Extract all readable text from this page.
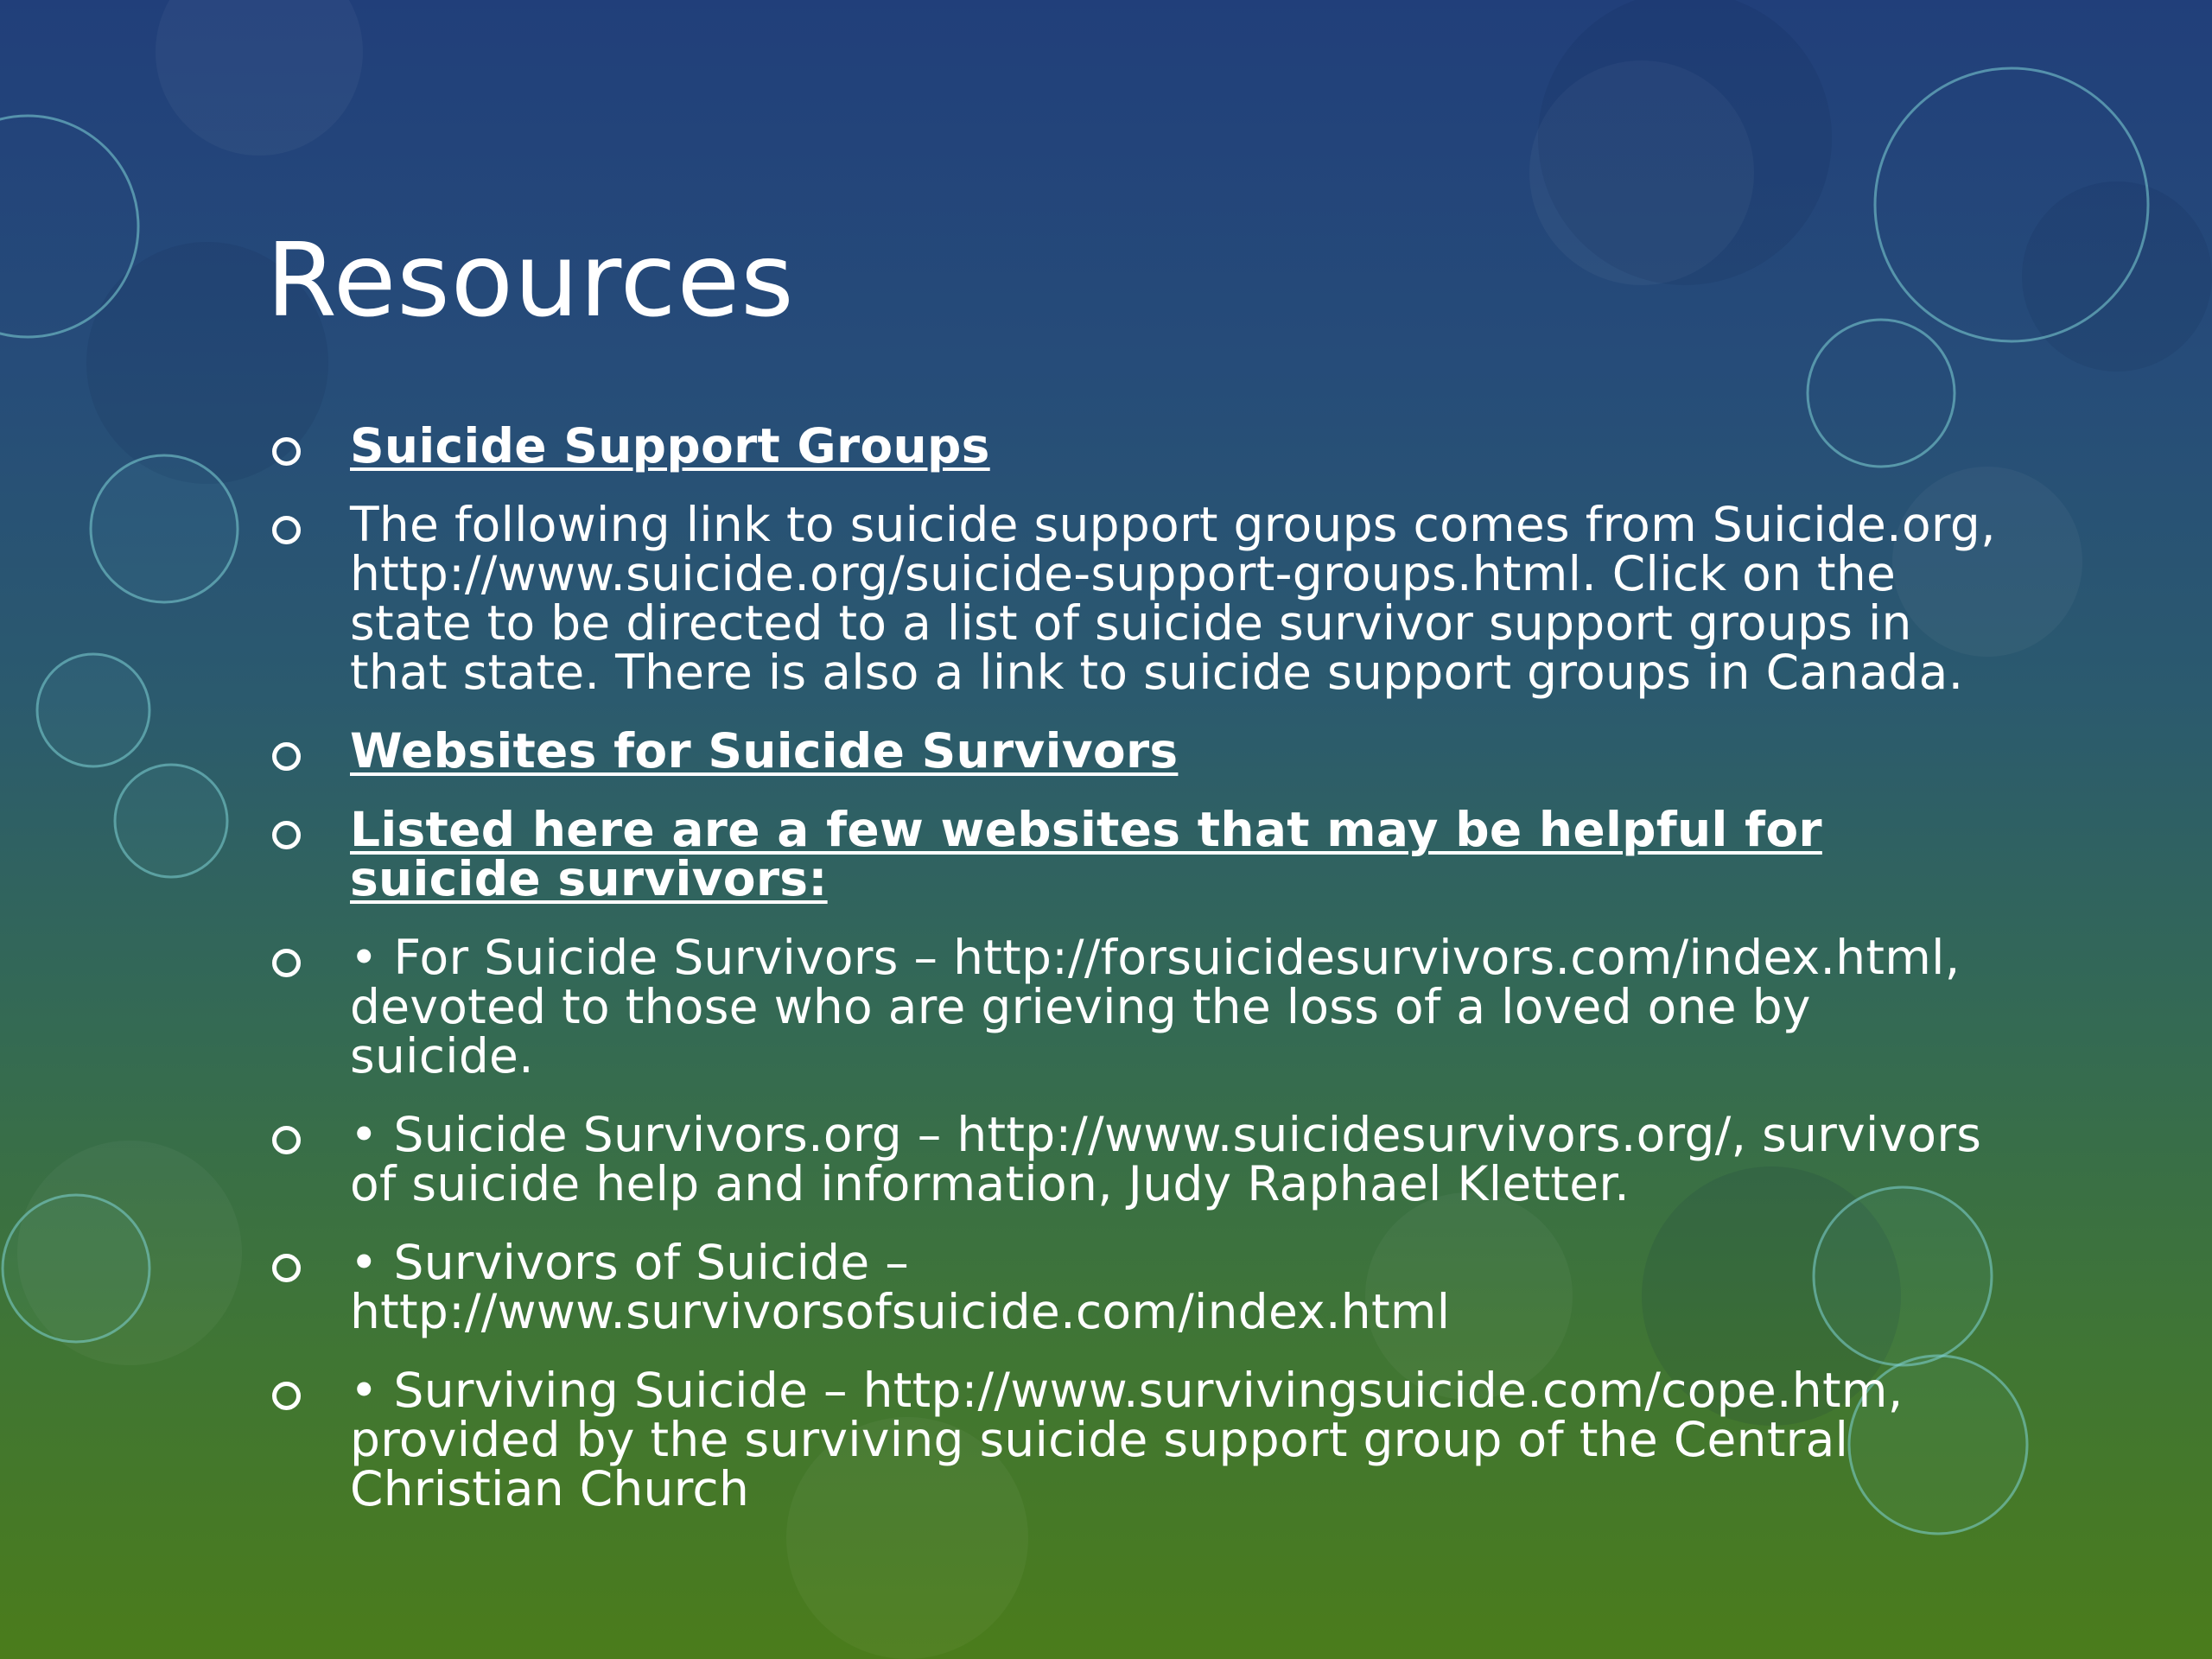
Resources
Suicide Support Groups
The following link to suicide support groups comes from Suicide.org, http://www.suicide.org/suicide-support-groups.html. Click on the state to be directed to a list of suicide survivor support groups in that state. There is also a link to suicide support groups in Canada.
Websites for Suicide Survivors
Listed here are a few websites that may be helpful for suicide survivors:
• For Suicide Survivors – http://forsuicidesurvivors.com/index.html, devoted to those who are grieving the loss of a loved one by suicide.
• Suicide Survivors.org – http://www.suicidesurvivors.org/, survivors of suicide help and information, Judy Raphael Kletter.
• Survivors of Suicide – http://www.survivorsofsuicide.com/index.html
• Surviving Suicide – http://www.survivingsuicide.com/cope.htm, provided by the surviving suicide support group of the Central Christian Church
